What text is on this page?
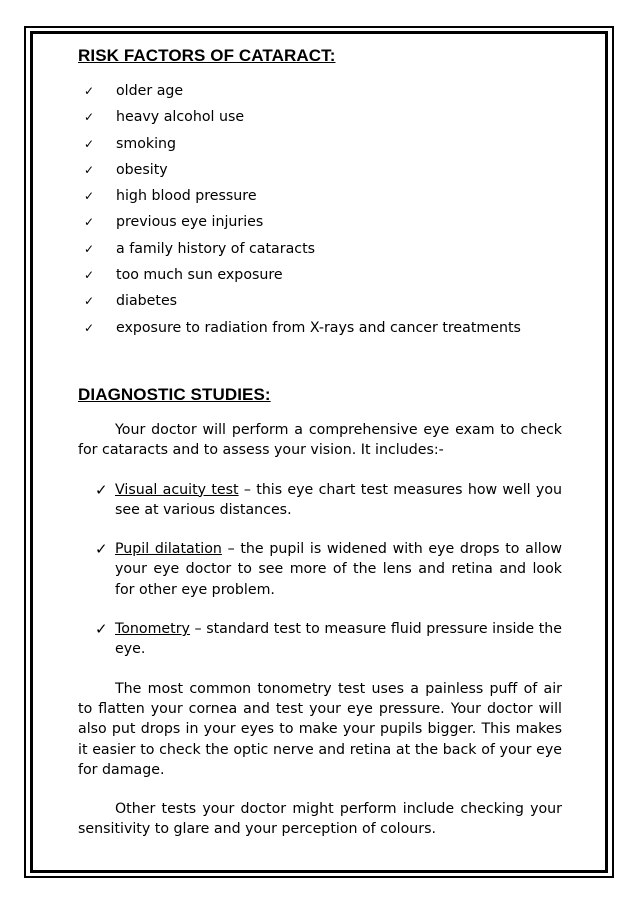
RISK FACTORS OF CATARACT:
✓ older age
✓ heavy alcohol use
✓ smoking
✓ obesity
✓ high blood pressure
✓ previous eye injuries
✓ a family history of cataracts
✓ too much sun exposure
✓ diabetes
✓ exposure to radiation from X-rays and cancer treatments
DIAGNOSTIC STUDIES:

Your doctor will perform a comprehensive eye exam to check for cataracts and to assess your vision. It includes:-

✓ Visual acuity test – this eye chart test measures how well you see at various distances.

✓ Pupil dilatation – the pupil is widened with eye drops to allow your eye doctor to see more of the lens and retina and look for other eye problem.

✓ Tonometry – standard test to measure fluid pressure inside the eye.

The most common tonometry test uses a painless puff of air to flatten your cornea and test your eye pressure. Your doctor will also put drops in your eyes to make your pupils bigger. This makes it easier to check the optic nerve and retina at the back of your eye for damage.

Other tests your doctor might perform include checking your sensitivity to glare and your perception of colours.
